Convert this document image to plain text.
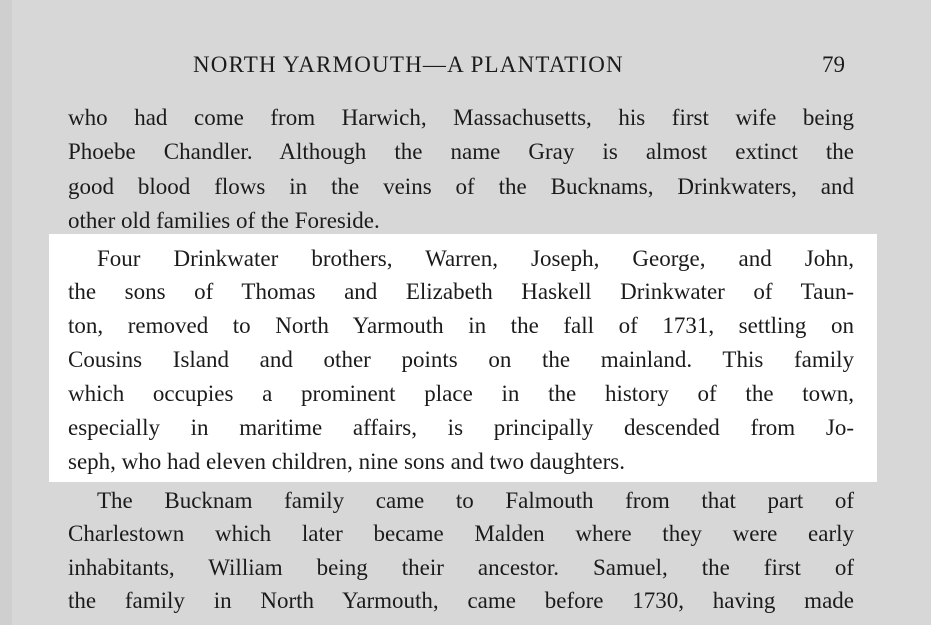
NORTH YARMOUTH—A PLANTATION	79
who had come from Harwich, Massachusetts, his first wife being
Phoebe Chandler. Although the name Gray is almost extinct the
good blood flows in the veins of the Bucknams, Drinkwaters, and
other old families of the Foreside.
Four Drinkwater brothers, Warren, Joseph, George, and John,
the sons of Thomas and Elizabeth Haskell Drinkwater of Taun-
ton, removed to North Yarmouth in the fall of 1731, settling on
Cousins Island and other points on the mainland. This family
which occupies a prominent place in the history of the town,
especially in maritime affairs, is principally descended from Jo-
seph, who had eleven children, nine sons and two daughters.
The Bucknam family came to Falmouth from that part of
Charlestown which later became Malden where they were early
inhabitants, William being their ancestor. Samuel, the first of
the family in North Yarmouth, came before 1730, having made
